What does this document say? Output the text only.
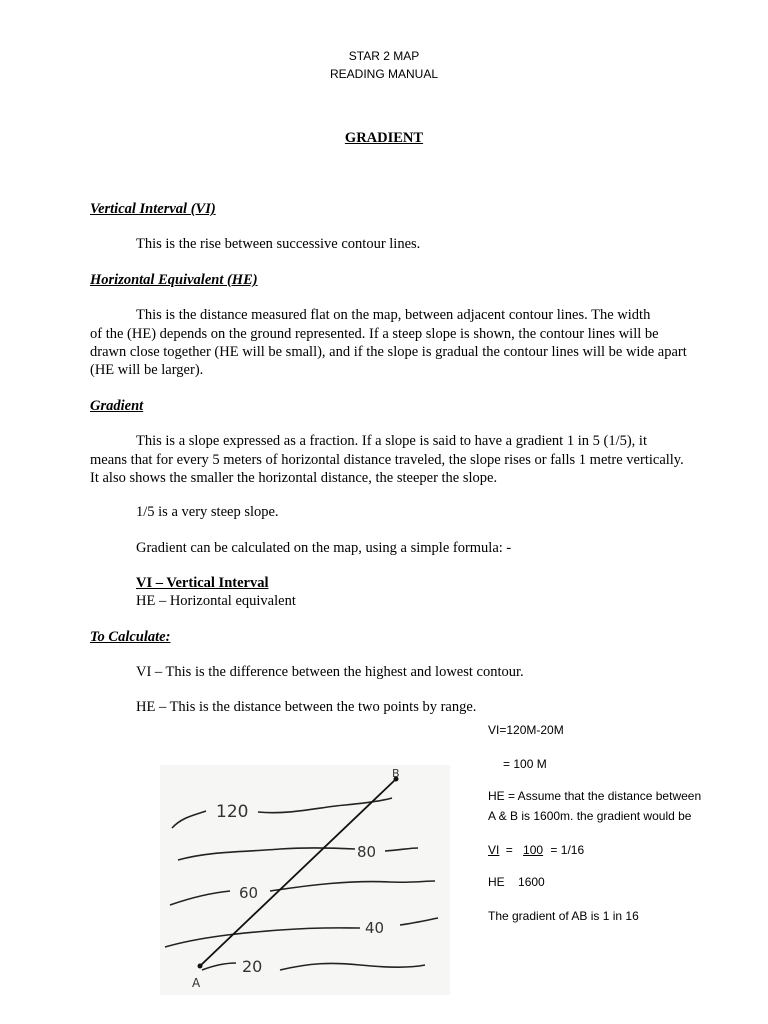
STAR 2 MAP
READING MANUAL
GRADIENT
Vertical Interval (VI)
This is the rise between successive contour lines.
Horizontal Equivalent (HE)
This is the distance measured flat on the map, between adjacent contour lines. The width
of the (HE) depends on the ground represented. If a steep slope is shown, the contour lines will be drawn close together (HE will be small), and if the slope is gradual the contour lines will be wide apart (HE will be larger).
Gradient
This is a slope expressed as a fraction. If a slope is said to have a gradient 1 in 5 (1/5), it
means that for every 5 meters of horizontal distance traveled, the slope rises or falls 1 metre vertically. It also shows the smaller the horizontal distance, the steeper the slope.
1/5 is a very steep slope.
Gradient can be calculated on the map, using a simple formula: -
VI – Vertical Interval
HE – Horizontal equivalent
To Calculate:
VI – This is the difference between the highest and lowest contour.
HE – This is the distance between the two points by range.
VI=120M-20M
= 100 M
HE = Assume that the distance between
A & B is 1600m. the gradient would be
VI = 100 = 1/16
HE 1600
The gradient of AB is 1 in 16
120
80
60
40
20
A
B
